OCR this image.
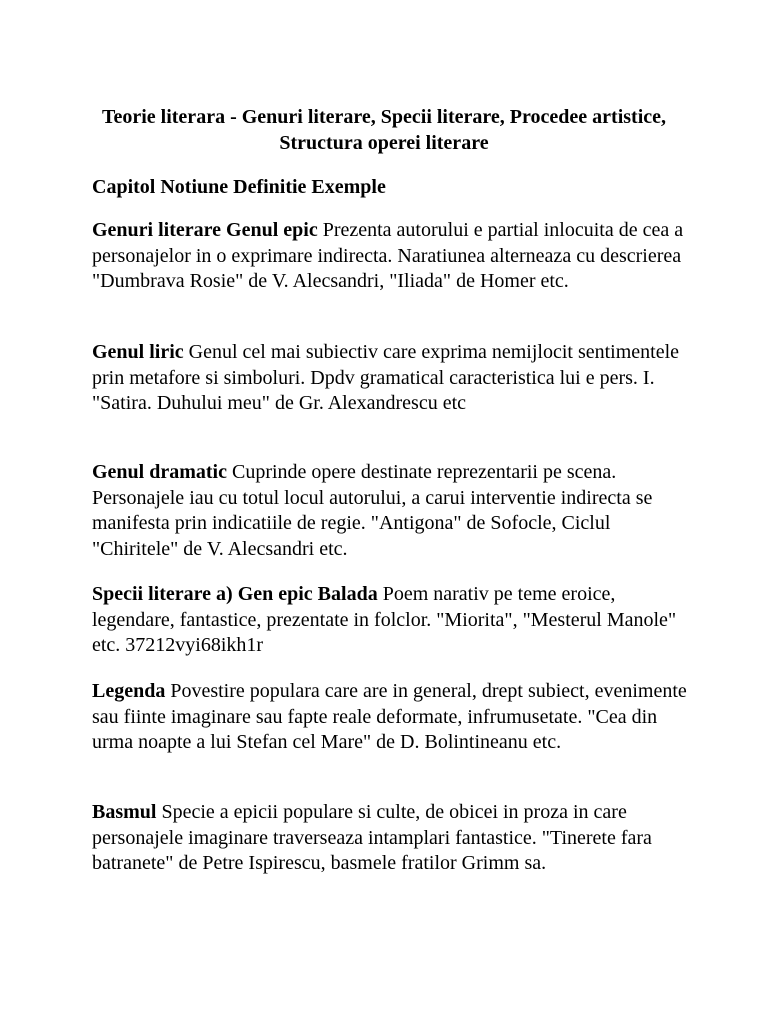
Teorie literara - Genuri literare, Specii literare, Procedee artistice, Structura operei literare

Capitol Notiune Definitie Exemple

Genuri literare Genul epic Prezenta autorului e partial inlocuita de cea a personajelor in o exprimare indirecta. Naratiunea alterneaza cu descrierea "Dumbrava Rosie" de V. Alecsandri, "Iliada" de Homer etc.

Genul liric Genul cel mai subiectiv care exprima nemijlocit sentimentele prin metafore si simboluri. Dpdv gramatical caracteristica lui e pers. I. "Satira. Duhului meu" de Gr. Alexandrescu etc

Genul dramatic Cuprinde opere destinate reprezentarii pe scena. Personajele iau cu totul locul autorului, a carui interventie indirecta se manifesta prin indicatiile de regie. "Antigona" de Sofocle, Ciclul "Chiritele" de V. Alecsandri etc.

Specii literare a) Gen epic Balada Poem narativ pe teme eroice, legendare, fantastice, prezentate in folclor. "Miorita", "Mesterul Manole" etc. 37212vyi68ikh1r

Legenda Povestire populara care are in general, drept subiect, evenimente sau fiinte imaginare sau fapte reale deformate, infrumusetate. "Cea din urma noapte a lui Stefan cel Mare" de D. Bolintineanu etc.

Basmul Specie a epicii populare si culte, de obicei in proza in care personajele imaginare traverseaza intamplari fantastice. "Tinerete fara batranete" de Petre Ispirescu, basmele fratilor Grimm sa.
